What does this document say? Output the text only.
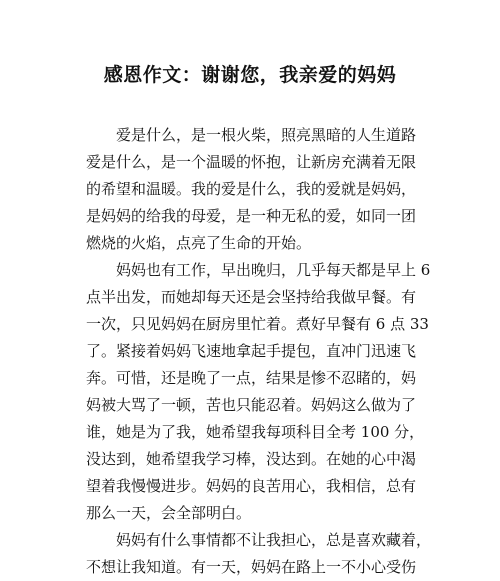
感恩作文：谢谢您，我亲爱的妈妈
爱是什么，是一根火柴，照亮黑暗的人生道路
爱是什么，是一个温暖的怀抱，让新房充满着无限
的希望和温暖。我的爱是什么，我的爱就是妈妈，
是妈妈的给我的母爱，是一种无私的爱，如同一团
燃烧的火焰，点亮了生命的开始。
妈妈也有工作，早出晚归，几乎每天都是早上 6
点半出发，而她却每天还是会坚持给我做早餐。有
一次，只见妈妈在厨房里忙着。煮好早餐有 6 点 33
了。紧接着妈妈飞速地拿起手提包，直冲门迅速飞
奔。可惜，还是晚了一点，结果是惨不忍睹的，妈
妈被大骂了一顿，苦也只能忍着。妈妈这么做为了
谁，她是为了我，她希望我每项科目全考 100 分，
没达到，她希望我学习棒，没达到。在她的心中渴
望着我慢慢进步。妈妈的良苦用心，我相信，总有
那么一天，会全部明白。
妈妈有什么事情都不让我担心，总是喜欢藏着，
不想让我知道。有一天，妈妈在路上一不小心受伤
